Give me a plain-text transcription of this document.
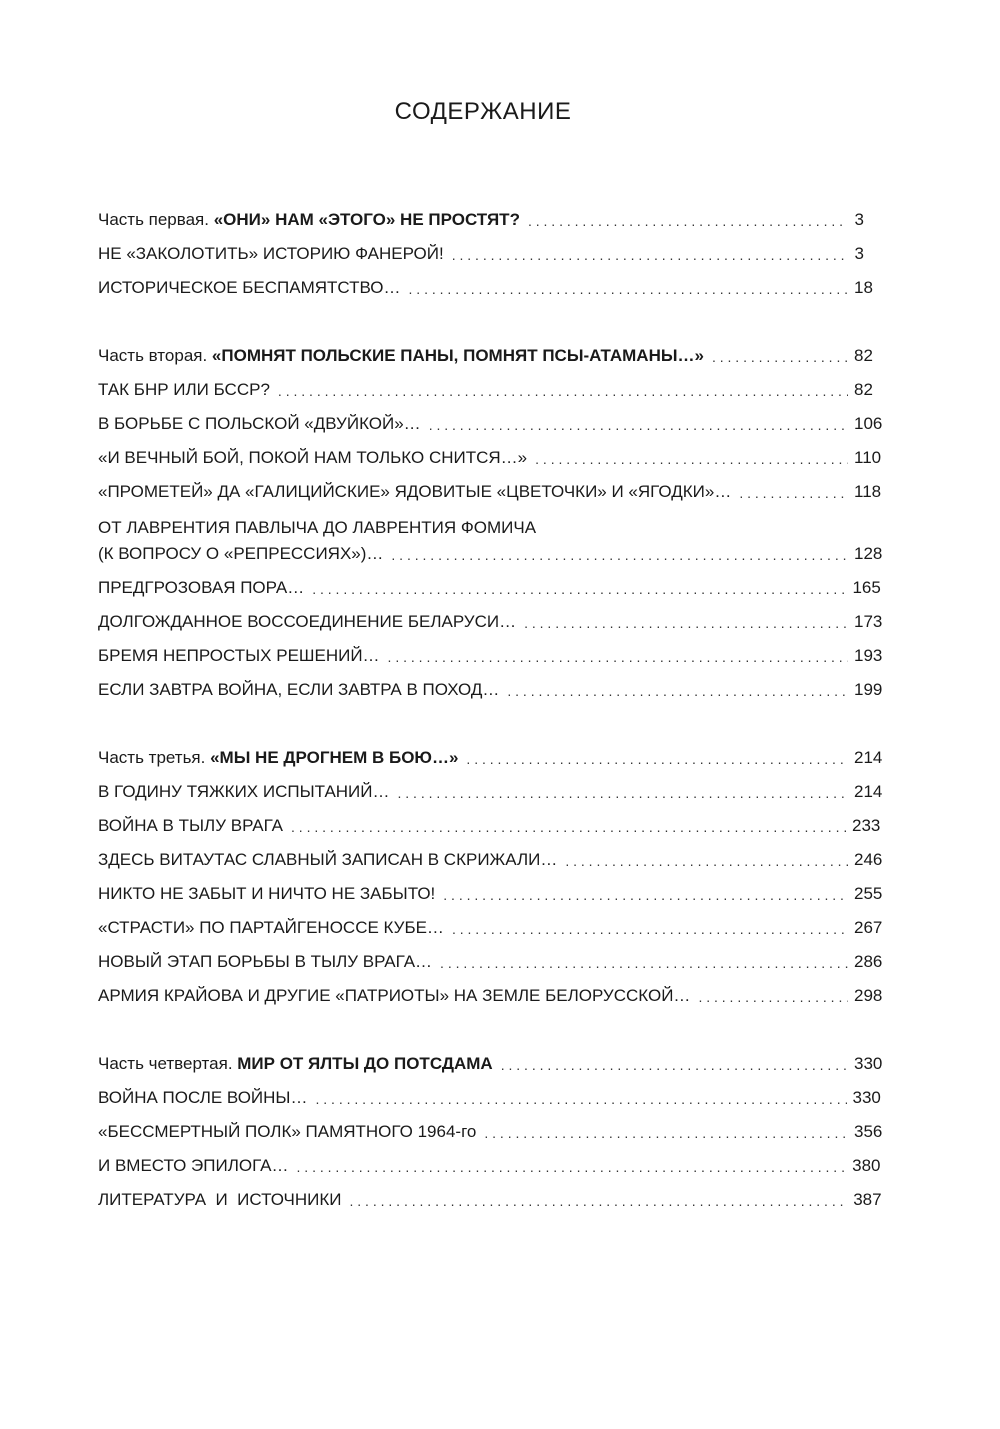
СОДЕРЖАНИЕ
Часть первая. «ОНИ» НАМ «ЭТОГО» НЕ ПРОСТЯТ? . . .	3
НЕ «ЗАКОЛОТИТЬ» ИСТОРИЮ ФАНЕРОЙ! . . .	3
ИСТОРИЧЕСКОЕ БЕСПАМЯТСТВО… . . .	18
Часть вторая. «ПОМНЯТ ПОЛЬСКИЕ ПАНЫ, ПОМНЯТ ПСЫ-АТАМАНЫ…» . . .	82
ТАК БНР ИЛИ БССР? . . .	82
В БОРЬБЕ С ПОЛЬСКОЙ «ДВУЙКОЙ»… . . .	106
«И ВЕЧНЫЙ БОЙ, ПОКОЙ НАМ ТОЛЬКО СНИТСЯ…» . . .	110
«ПРОМЕТЕЙ» ДА «ГАЛИЦИЙСКИЕ» ЯДОВИТЫЕ «ЦВЕТОЧКИ» И «ЯГОДКИ»… . . .	118
ОТ ЛАВРЕНТИЯ ПАВЛЫЧА ДО ЛАВРЕНТИЯ ФОМИЧА
(К ВОПРОСУ О «РЕПРЕССИЯХ»)… . . .	128
ПРЕДГРОЗОВАЯ ПОРА… . . .	165
ДОЛГОЖДАННОЕ ВОССОЕДИНЕНИЕ БЕЛАРУСИ… . . .	173
БРЕМЯ НЕПРОСТЫХ РЕШЕНИЙ… . . .	193
ЕСЛИ ЗАВТРА ВОЙНА, ЕСЛИ ЗАВТРА В ПОХОД… . . .	199
Часть третья. «МЫ НЕ ДРОГНЕМ В БОЮ…» . . .	214
В ГОДИНУ ТЯЖКИХ ИСПЫТАНИЙ… . . .	214
ВОЙНА В ТЫЛУ ВРАГА . . .	233
ЗДЕСЬ ВИТАУТАС СЛАВНЫЙ ЗАПИСАН В СКРИЖАЛИ… . . .	246
НИКТО НЕ ЗАБЫТ И НИЧТО НЕ ЗАБЫТО! . . .	255
«СТРАСТИ» ПО ПАРТАЙГЕНОССЕ КУБЕ… . . .	267
НОВЫЙ ЭТАП БОРЬБЫ В ТЫЛУ ВРАГА… . . .	286
АРМИЯ КРАЙОВА И ДРУГИЕ «ПАТРИОТЫ» НА ЗЕМЛЕ БЕЛОРУССКОЙ… . . .	298
Часть четвертая. МИР ОТ ЯЛТЫ ДО ПОТСДАМА . . .	330
ВОЙНА ПОСЛЕ ВОЙНЫ… . . .	330
«БЕССМЕРТНЫЙ ПОЛК» ПАМЯТНОГО 1964-го . . .	356
И ВМЕСТО ЭПИЛОГА… . . .	380
ЛИТЕРАТУРА  И  ИСТОЧНИКИ . . .	387
